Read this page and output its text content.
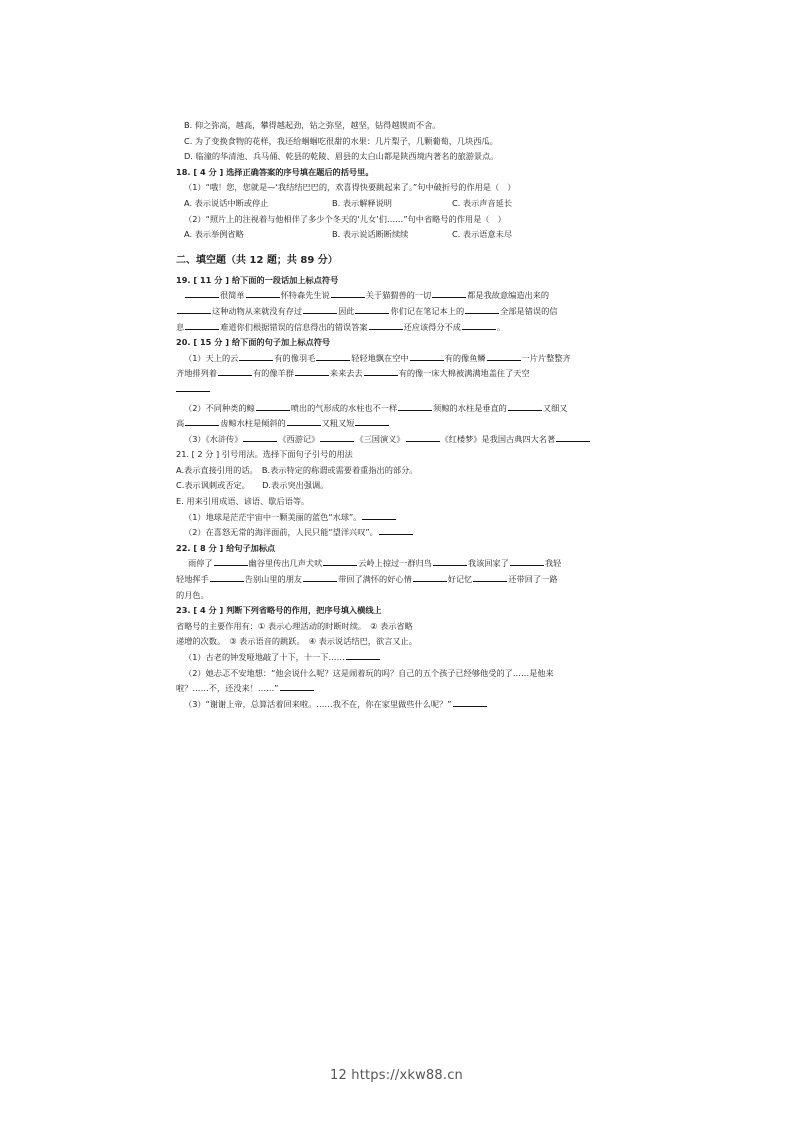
B. 仰之弥高，越高，攀得越起劲，钻之弥坚，越坚，钻得越锲而不舍。
C. 为了变换食物的花样，我还给蝈蝈吃很甜的水果：几片梨子，几颗葡萄，几块西瓜。
D. 临潼的华清池、兵马俑、乾县的乾陵、眉县的太白山都是陕西境内著名的旅游景点。
18. [ 4 分 ] 选择正确答案的序号填在题后的括号里。
（1）“哦！您，您就是—‘我结结巴巴的，欢喜得快要跳起来了。”句中破折号的作用是（　）
A. 表示说话中断或停止	B. 表示解释说明	C. 表示声音延长
（2）“照片上的注视着与他相伴了多少个冬天的‘儿女’们……”句中省略号的作用是（　）
A. 表示举例省略	B. 表示说话断断续续	C. 表示语意未尽
二、填空题（共 12 题；共 89 分）
19. [ 11 分 ] 给下面的一段话加上标点符号
很简单	怀特森先生说	关于猫猬兽的一切	都是我故意编造出来的
这种动物从来就没有存过	因此	你们记在笔记本上的	全部是错误的信
息	难道你们根据错误的信息得出的错误答案	还应该得分不成	。
20. [ 15 分 ] 给下面的句子加上标点符号
（1）天上的云	有的像羽毛	轻轻地飘在空中	有的像鱼鳞	一片片整整齐
齐地排列着	有的像羊群	来来去去	有的像一床大棉被满满地盖住了天空
（2）不同种类的鲸	喷出的气形成的水柱也不一样	须鲸的水柱是垂直的	又细又
高	齿鲸水柱是倾斜的	又粗又短
（3）《水浒传》	《西游记》	《三国演义》	《红楼梦》是我国古典四大名著
21. [ 2 分 ] 引号用法。选择下面句子引号的用法
A.表示直接引用的话。　 B.表示特定的称谓或需要着重指出的部分。
C.表示讽刺或否定。　　 D.表示突出强调。
E. 用来引用成语、谚语、歇后语等。
（1）地球是茫茫宇宙中一颗美丽的蓝色“水球”。
（2）在喜怒无常的海洋面前，人民只能“望洋兴叹”。
22. [ 8 分 ] 给句子加标点
雨停了	幽谷里传出几声犬吠	云岭上掠过一群归鸟	我该回家了	我轻
轻地挥手	告别山里的朋友	带回了满怀的好心情	好记忆	还带回了一路
的月色。
23. [ 4 分 ] 判断下列省略号的作用，把序号填入横线上
省略号的主要作用有：① 表示心理活动的时断时续。　② 表示省略
递增的次数。　③ 表示语音的跳跃。　④ 表示说话结巴，欲言又止。
（1）古老的钟发哑地敲了十下，十一下……
（2）她忐忑不安地想：“他会说什么呢？这是闹着玩的吗？自己的五个孩子已经够他受的了……是他来
啦？……不，还没来！……”
（3）“谢谢上帝，总算活着回来啦。……我不在，你在家里做些什么呢？”
12 https://xkw88.cn
